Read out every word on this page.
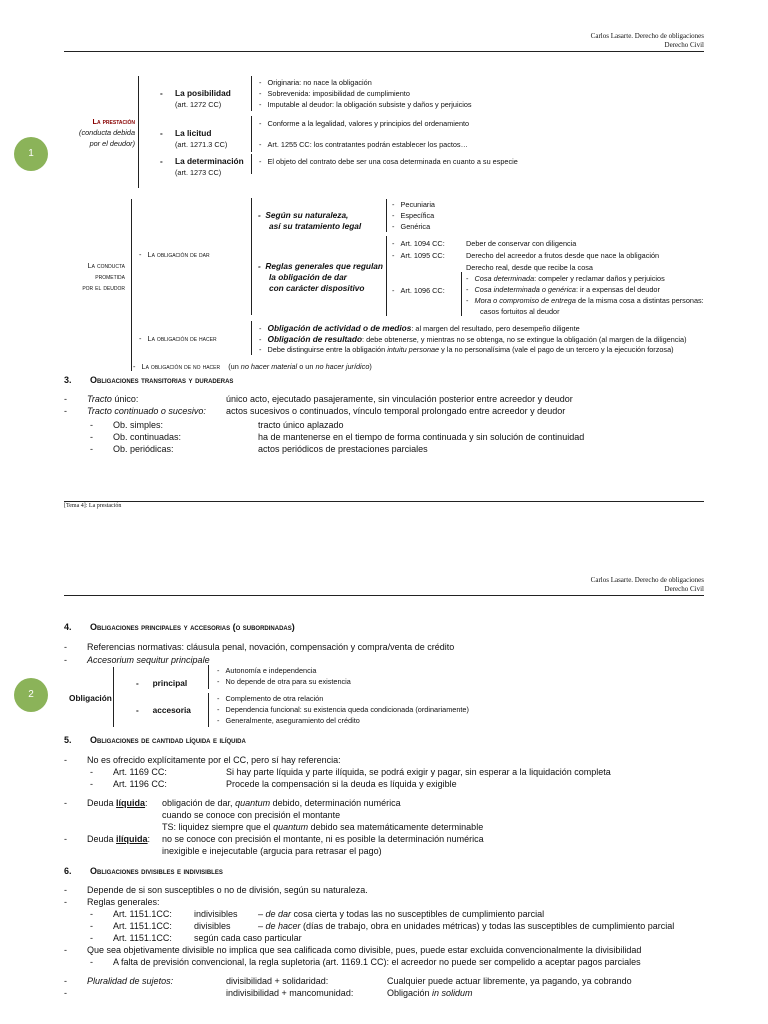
Carlos Lasarte. Derecho de obligaciones
Derecho Civil
1
La prestación
(conducta debida
por el deudor)
- La posibilidad
(art. 1272 CC)
-   Originaria: no nace la obligación
-   Sobrevenida: imposibilidad de cumplimiento
-   Imputable al deudor: la obligación subsiste y daños y perjuicios
- La licitud
(art. 1271.3 CC)
-   Conforme a la legalidad, valores y principios del ordenamiento
-   Art. 1255 CC: los contratantes podrán establecer los pactos…
- La determinación
(art. 1273 CC)
-   El objeto del contrato debe ser una cosa determinada en cuanto a su especie
La conducta
prometida
por el deudor
-   La obligación de dar
-  Según su naturaleza,
así su tratamiento legal
-   Pecuniaria
-   Específica
-   Genérica
-  Reglas generales que regulan
la obligación de dar
con carácter dispositivo
-   Art. 1094 CC:	Deber de conservar con diligencia
-   Art. 1095 CC:	Derecho del acreedor a frutos desde que nace la obligación
Derecho real, desde que recibe la cosa
-   Art. 1096 CC:
-   Cosa determinada: compeler y reclamar daños y perjuicios
-   Cosa indeterminada o genérica: ir a expensas del deudor
-   Mora o compromiso de entrega de la misma cosa a distintas personas:
casos fortuitos al deudor
-   La obligación de hacer
-   Obligación de actividad o de medios: al margen del resultado, pero desempeño diligente
-   Obligación de resultado: debe obtenerse, y mientras no se obtenga, no se extingue la obligación (al margen de la diligencia)
-   Debe distinguirse entre la obligación intuitu personae y la no personalísima (vale el pago de un tercero y la ejecución forzosa)
-   La obligación de no hacer (un no hacer material o un no hacer jurídico)
3. Obligaciones transitorias y duraderas
-        Tracto único:	único acto, ejecutado pasajeramente, sin vinculación posterior entre acreedor y deudor
-        Tracto continuado o sucesivo: actos sucesivos o continuados, vínculo temporal prolongado entre acreedor y deudor
-        Ob. simples:	tracto único aplazado
-        Ob. continuadas:	ha de mantenerse en el tiempo de forma continuada y sin solución de continuidad
-        Ob. periódicas:	actos periódicos de prestaciones parciales
[Tema 4]: La prestación
Carlos Lasarte. Derecho de obligaciones
Derecho Civil
2
4. Obligaciones principales y accesorias (o subordinadas)
-        Referencias normativas: cláusula penal, novación, compensación y compra/venta de crédito
-        Accesorium sequitur principale
Obligación
-      principal
-   Autonomía e independencia
-   No depende de otra para su existencia
-      accesoria
-   Complemento de otra relación
-   Dependencia funcional: su existencia queda condicionada (ordinariamente)
-   Generalmente, aseguramiento del crédito
5. Obligaciones de cantidad líquida e ilíquida
-        No es ofrecido explícitamente por el CC, pero sí hay referencia:
-        Art. 1169 CC:	Si hay parte líquida y parte ilíquida, se podrá exigir y pagar, sin esperar a la liquidación completa
-        Art. 1196 CC:	Procede la compensación si la deuda es líquida y exigible
-        Deuda líquida: obligación de dar, quantum debido, determinación numérica
cuando se conoce con precisión el montante
TS: liquidez siempre que el quantum debido sea matemáticamente determinable
-        Deuda ilíquida: no se conoce con precisión el montante, ni es posible la determinación numérica
inexigible e inejecutable (argucia para retrasar el pago)
6. Obligaciones divisibles e indivisibles
-        Depende de si son susceptibles o no de división, según su naturaleza.
-        Reglas generales:
-        Art. 1151.1CC: indivisibles – de dar cosa cierta y todas las no susceptibles de cumplimiento parcial
-        Art. 1151.1CC: divisibles	– de hacer (días de trabajo, obra en unidades métricas) y todas las susceptibles de cumplimiento parcial
-        Art. 1151.1CC: según cada caso particular
-        Que sea objetivamente divisible no implica que sea calificada como divisible, pues, puede estar excluida convencionalmente la divisibilidad
-        A falta de previsión convencional, la regla supletoria (art. 1169.1 CC): el acreedor no puede ser compelido a aceptar pagos parciales
-        Pluralidad de sujetos:	divisibilidad + solidaridad:	Cualquier puede actuar libremente, ya pagando, ya cobrando
-	indivisibilidad + mancomunidad:	Obligación in solidum
